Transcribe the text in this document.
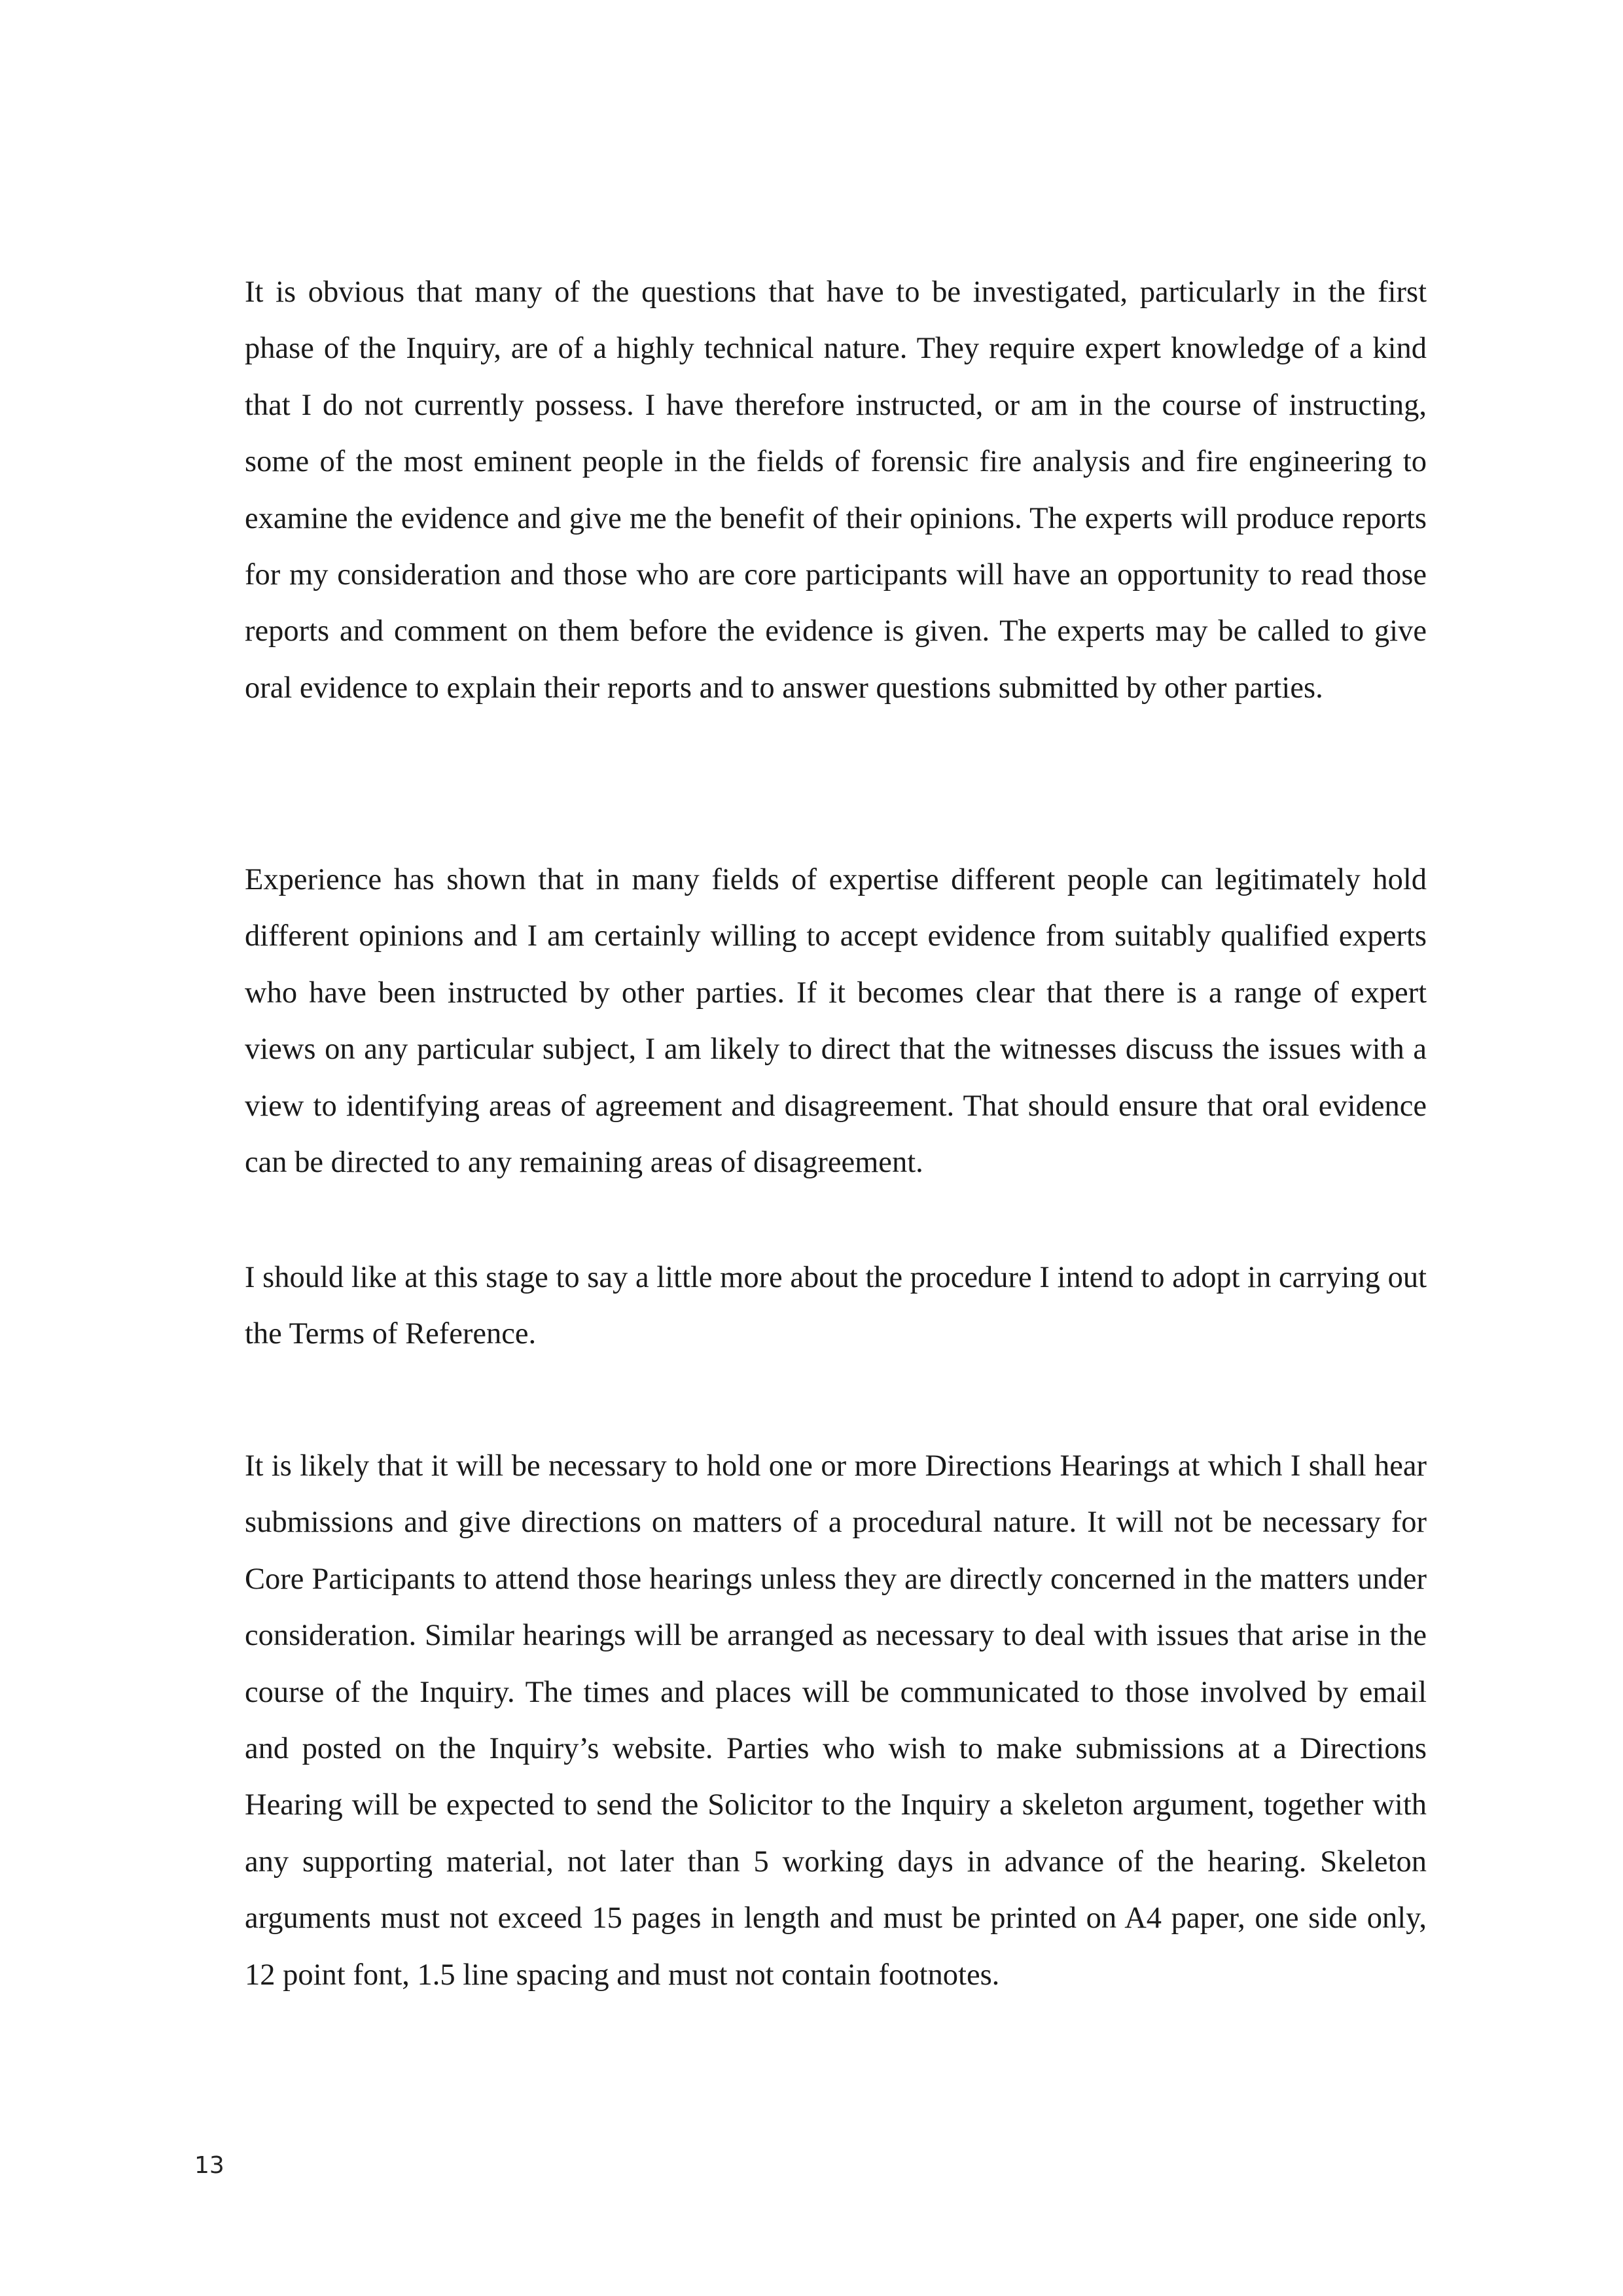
It is obvious that many of the questions that have to be investigated, particularly in the first phase of the Inquiry, are of a highly technical nature. They require expert knowledge of a kind that I do not currently possess. I have therefore instructed, or am in the course of instructing, some of the most eminent people in the fields of forensic fire analysis and fire engineering to examine the evidence and give me the benefit of their opinions. The experts will produce reports for my consideration and those who are core participants will have an opportunity to read those reports and comment on them before the evidence is given. The experts may be called to give oral evidence to explain their reports and to answer questions submitted by other parties.

Experience has shown that in many fields of expertise different people can legitimately hold different opinions and I am certainly willing to accept evidence from suitably qualified experts who have been instructed by other parties. If it becomes clear that there is a range of expert views on any particular subject, I am likely to direct that the witnesses discuss the issues with a view to identifying areas of agreement and disagreement. That should ensure that oral evidence can be directed to any remaining areas of disagreement.

I should like at this stage to say a little more about the procedure I intend to adopt in carrying out the Terms of Reference.

It is likely that it will be necessary to hold one or more Directions Hearings at which I shall hear submissions and give directions on matters of a procedural nature. It will not be necessary for Core Participants to attend those hearings unless they are directly concerned in the matters under consideration. Similar hearings will be arranged as necessary to deal with issues that arise in the course of the Inquiry. The times and places will be communicated to those involved by email and posted on the Inquiry’s website. Parties who wish to make submissions at a Directions Hearing will be expected to send the Solicitor to the Inquiry a skeleton argument, together with any supporting material, not later than 5 working days in advance of the hearing. Skeleton arguments must not exceed 15 pages in length and must be printed on A4 paper, one side only, 12 point font, 1.5 line spacing and must not contain footnotes.

13
